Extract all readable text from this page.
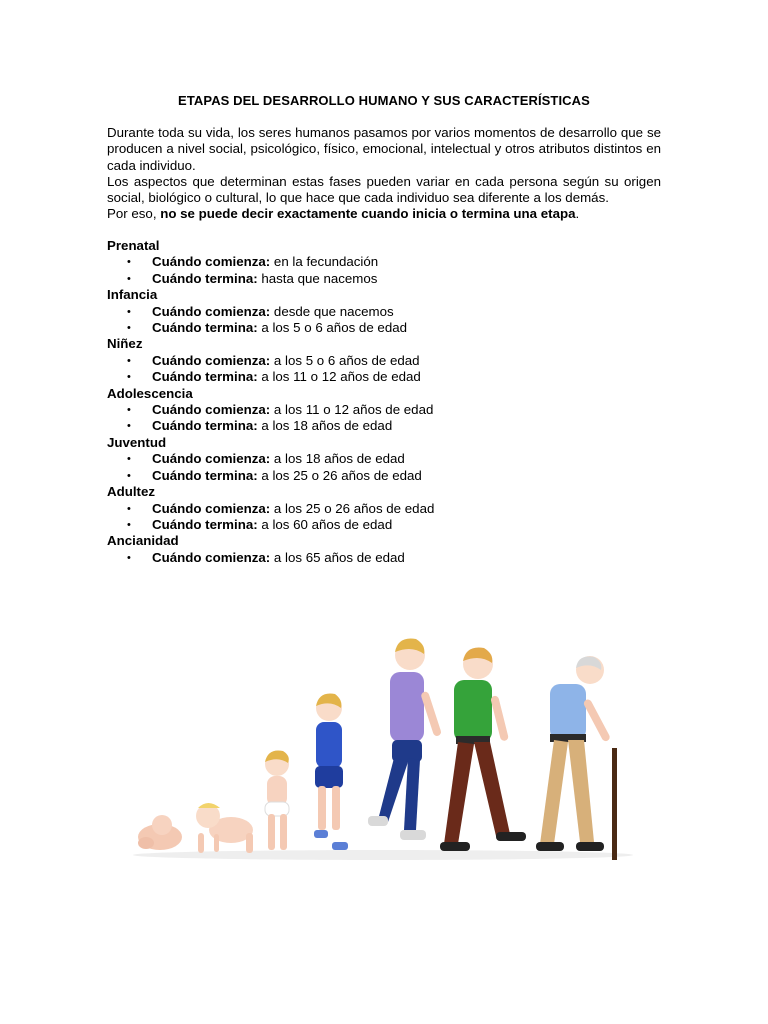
ETAPAS DEL DESARROLLO HUMANO Y SUS CARACTERÍSTICAS

Durante toda su vida, los seres humanos pasamos por varios momentos de desarrollo que se producen a nivel social, psicológico, físico, emocional, intelectual y otros atributos distintos en cada individuo.

Los aspectos que determinan estas fases pueden variar en cada persona según su origen social, biológico o cultural, lo que hace que cada individuo sea diferente a los demás.

Por eso, no se puede decir exactamente cuando inicia o termina una etapa.

Prenatal
• Cuándo comienza: en la fecundación
• Cuándo termina: hasta que nacemos
Infancia
• Cuándo comienza: desde que nacemos
• Cuándo termina: a los 5 o 6 años de edad
Niñez
• Cuándo comienza: a los 5 o 6 años de edad
• Cuándo termina: a los 11 o 12 años de edad
Adolescencia
• Cuándo comienza: a los 11 o 12 años de edad
• Cuándo termina: a los 18 años de edad
Juventud
• Cuándo comienza: a los 18 años de edad
• Cuándo termina: a los 25 o 26 años de edad
Adultez
• Cuándo comienza: a los 25 o 26 años de edad
• Cuándo termina: a los 60 años de edad
Ancianidad
• Cuándo comienza: a los 65 años de edad
